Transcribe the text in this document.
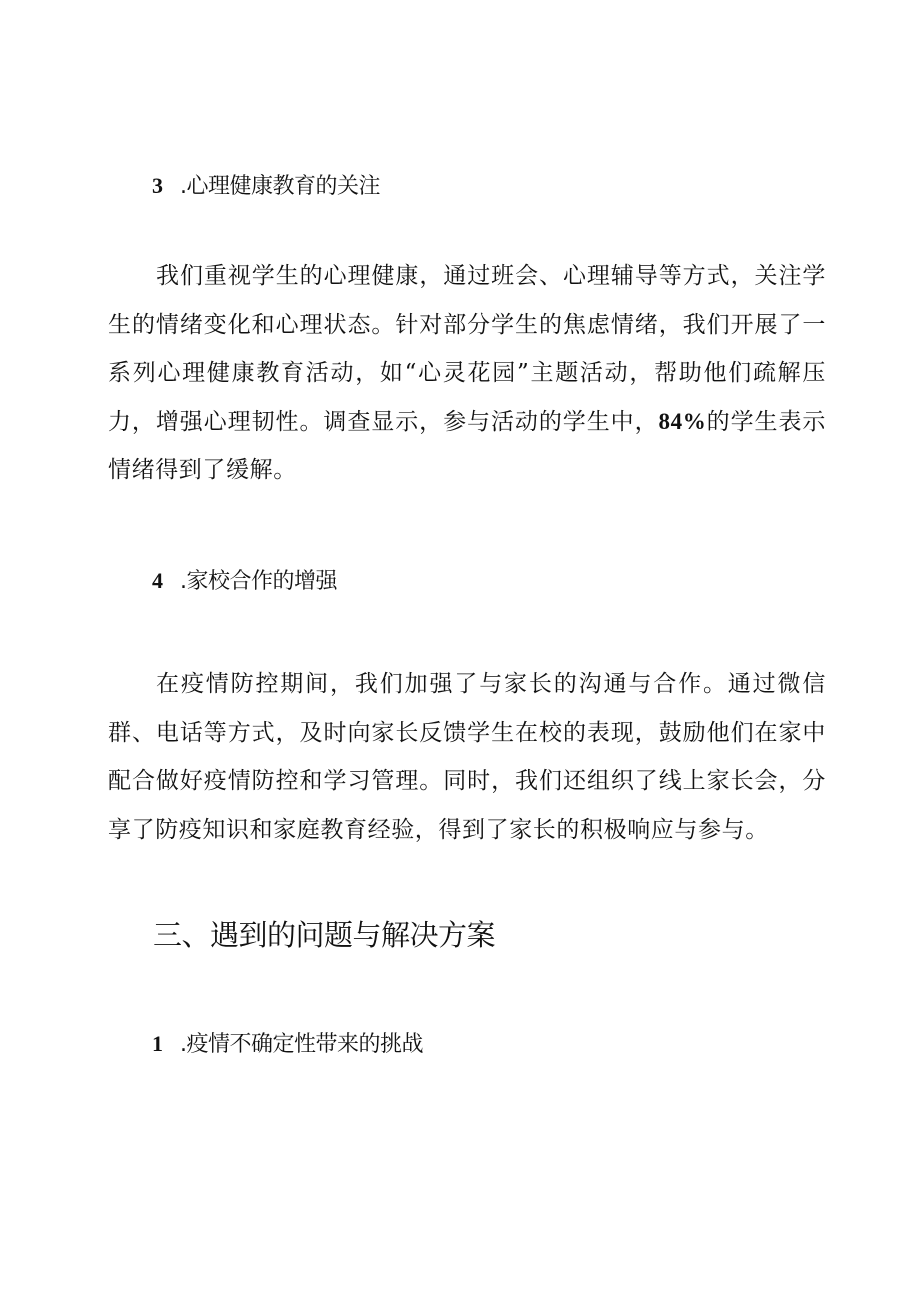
3 .心理健康教育的关注
我们重视学生的心理健康，通过班会、心理辅导等方式，关注学生的情绪变化和心理状态。针对部分学生的焦虑情绪，我们开展了一系列心理健康教育活动，如“心灵花园”主题活动，帮助他们疏解压力，增强心理韧性。调查显示，参与活动的学生中，84%的学生表示情绪得到了缓解。
4 .家校合作的增强
在疫情防控期间，我们加强了与家长的沟通与合作。通过微信群、电话等方式，及时向家长反馈学生在校的表现，鼓励他们在家中配合做好疫情防控和学习管理。同时，我们还组织了线上家长会，分享了防疫知识和家庭教育经验，得到了家长的积极响应与参与。
三、遇到的问题与解决方案
1 .疫情不确定性带来的挑战
